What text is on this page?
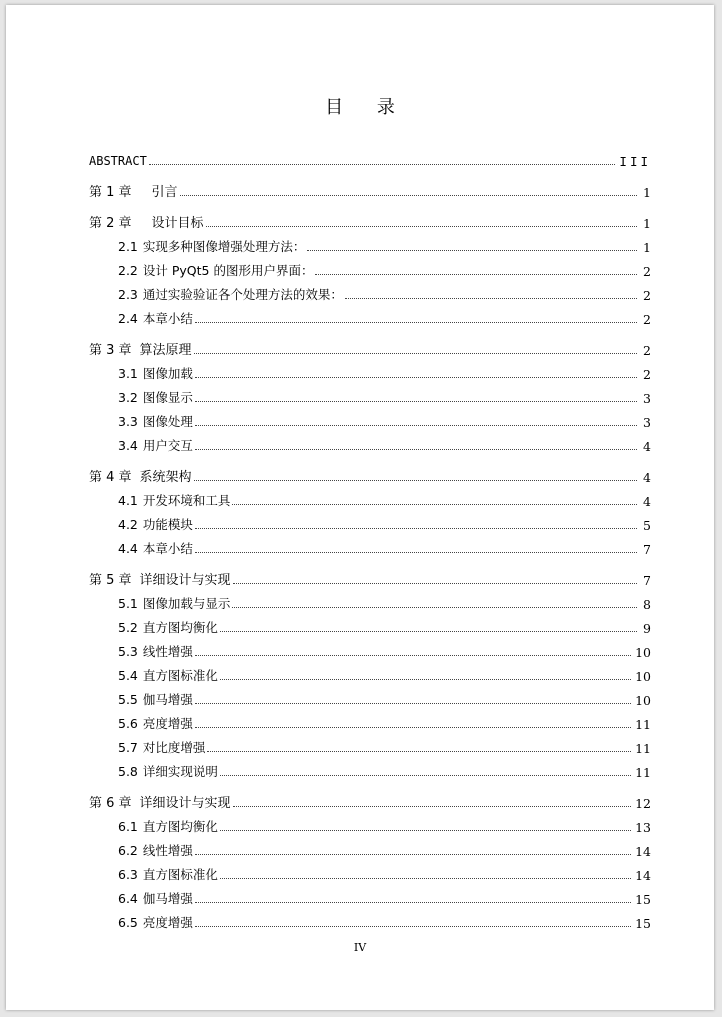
目 录
ABSTRACT	III
第 1 章 引言	1
第 2 章 设计目标	1
2.1 实现多种图像增强处理方法：	1
2.2 设计 PyQt5 的图形用户界面：	2
2.3 通过实验验证各个处理方法的效果：	2
2.4 本章小结	2
第 3 章 算法原理	2
3.1 图像加载	2
3.2 图像显示	3
3.3 图像处理	3
3.4 用户交互	4
第 4 章 系统架构	4
4.1 开发环境和工具	4
4.2 功能模块	5
4.4 本章小结	7
第 5 章 详细设计与实现	7
5.1 图像加载与显示	8
5.2 直方图均衡化	9
5.3 线性增强	10
5.4 直方图标准化	10
5.5 伽马增强	10
5.6 亮度增强	11
5.7 对比度增强	11
5.8 详细实现说明	11
第 6 章 详细设计与实现	12
6.1 直方图均衡化	13
6.2 线性增强	14
6.3 直方图标准化	14
6.4 伽马增强	15
6.5 亮度增强	15
IV
